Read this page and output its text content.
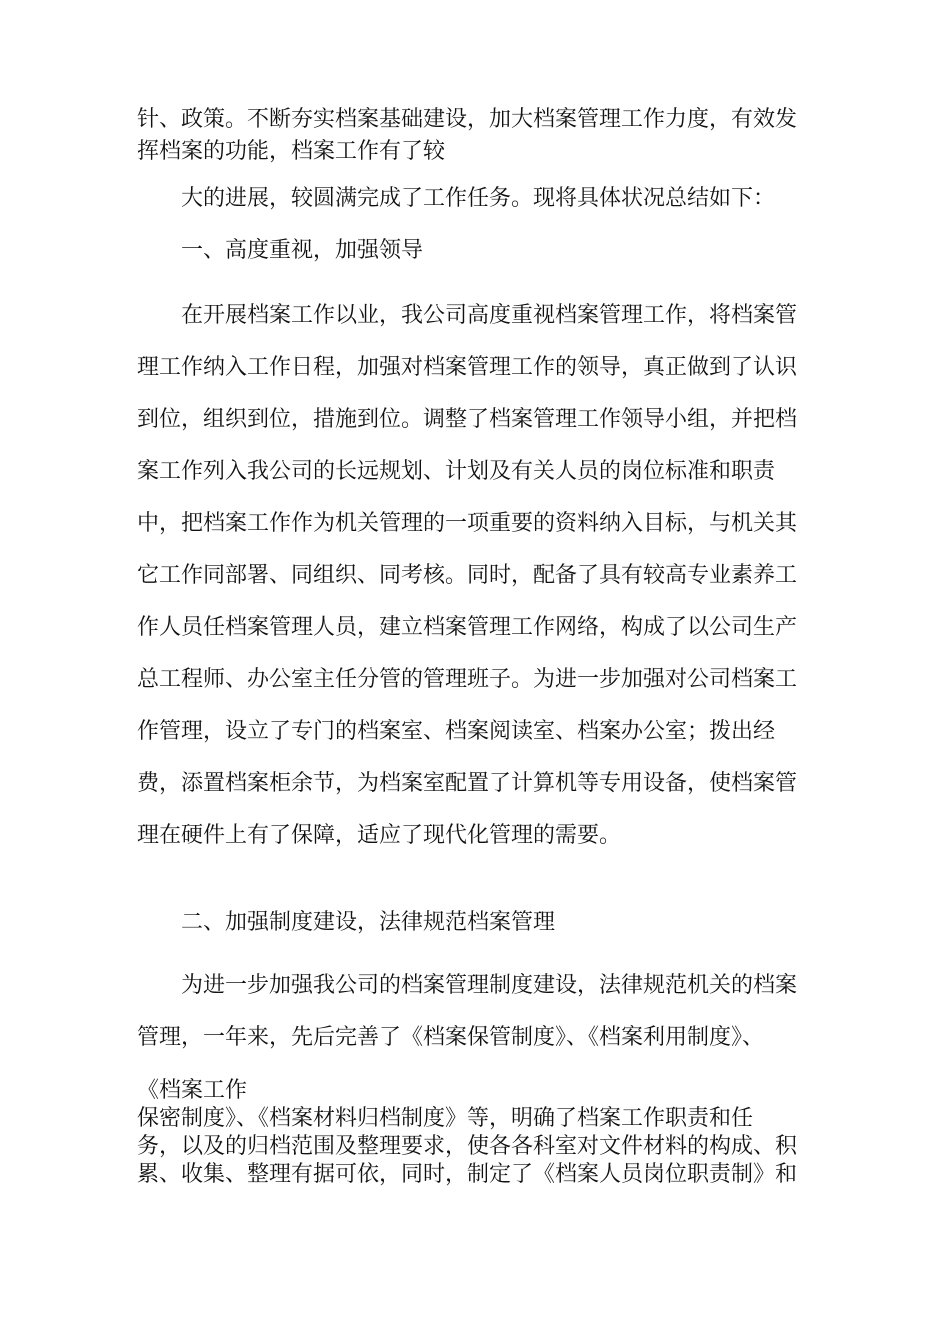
针、政策。不断夯实档案基础建设，加大档案管理工作力度，有效发
挥档案的功能，档案工作有了较

大的进展，较圆满完成了工作任务。现将具体状况总结如下：

一、高度重视，加强领导

在开展档案工作以业，我公司高度重视档案管理工作，将档案管
理工作纳入工作日程，加强对档案管理工作的领导，真正做到了认识
到位，组织到位，措施到位。调整了档案管理工作领导小组，并把档
案工作列入我公司的长远规划、计划及有关人员的岗位标准和职责
中，把档案工作作为机关管理的一项重要的资料纳入目标，与机关其
它工作同部署、同组织、同考核。同时，配备了具有较高专业素养工
作人员任档案管理人员，建立档案管理工作网络，构成了以公司生产
总工程师、办公室主任分管的管理班子。为进一步加强对公司档案工
作管理，设立了专门的档案室、档案阅读室、档案办公室；拨出经
费，添置档案柜余节，为档案室配置了计算机等专用设备，使档案管
理在硬件上有了保障，适应了现代化管理的需要。

二、加强制度建设，法律规范档案管理

为进一步加强我公司的档案管理制度建设，法律规范机关的档案
管理，一年来，先后完善了《档案保管制度》、《档案利用制度》、

《档案工作

保密制度》、《档案材料归档制度》等，明确了档案工作职责和任
务，以及的归档范围及整理要求，使各各科室对文件材料的构成、积
累、收集、整理有据可依，同时，制定了《档案人员岗位职责制》和
